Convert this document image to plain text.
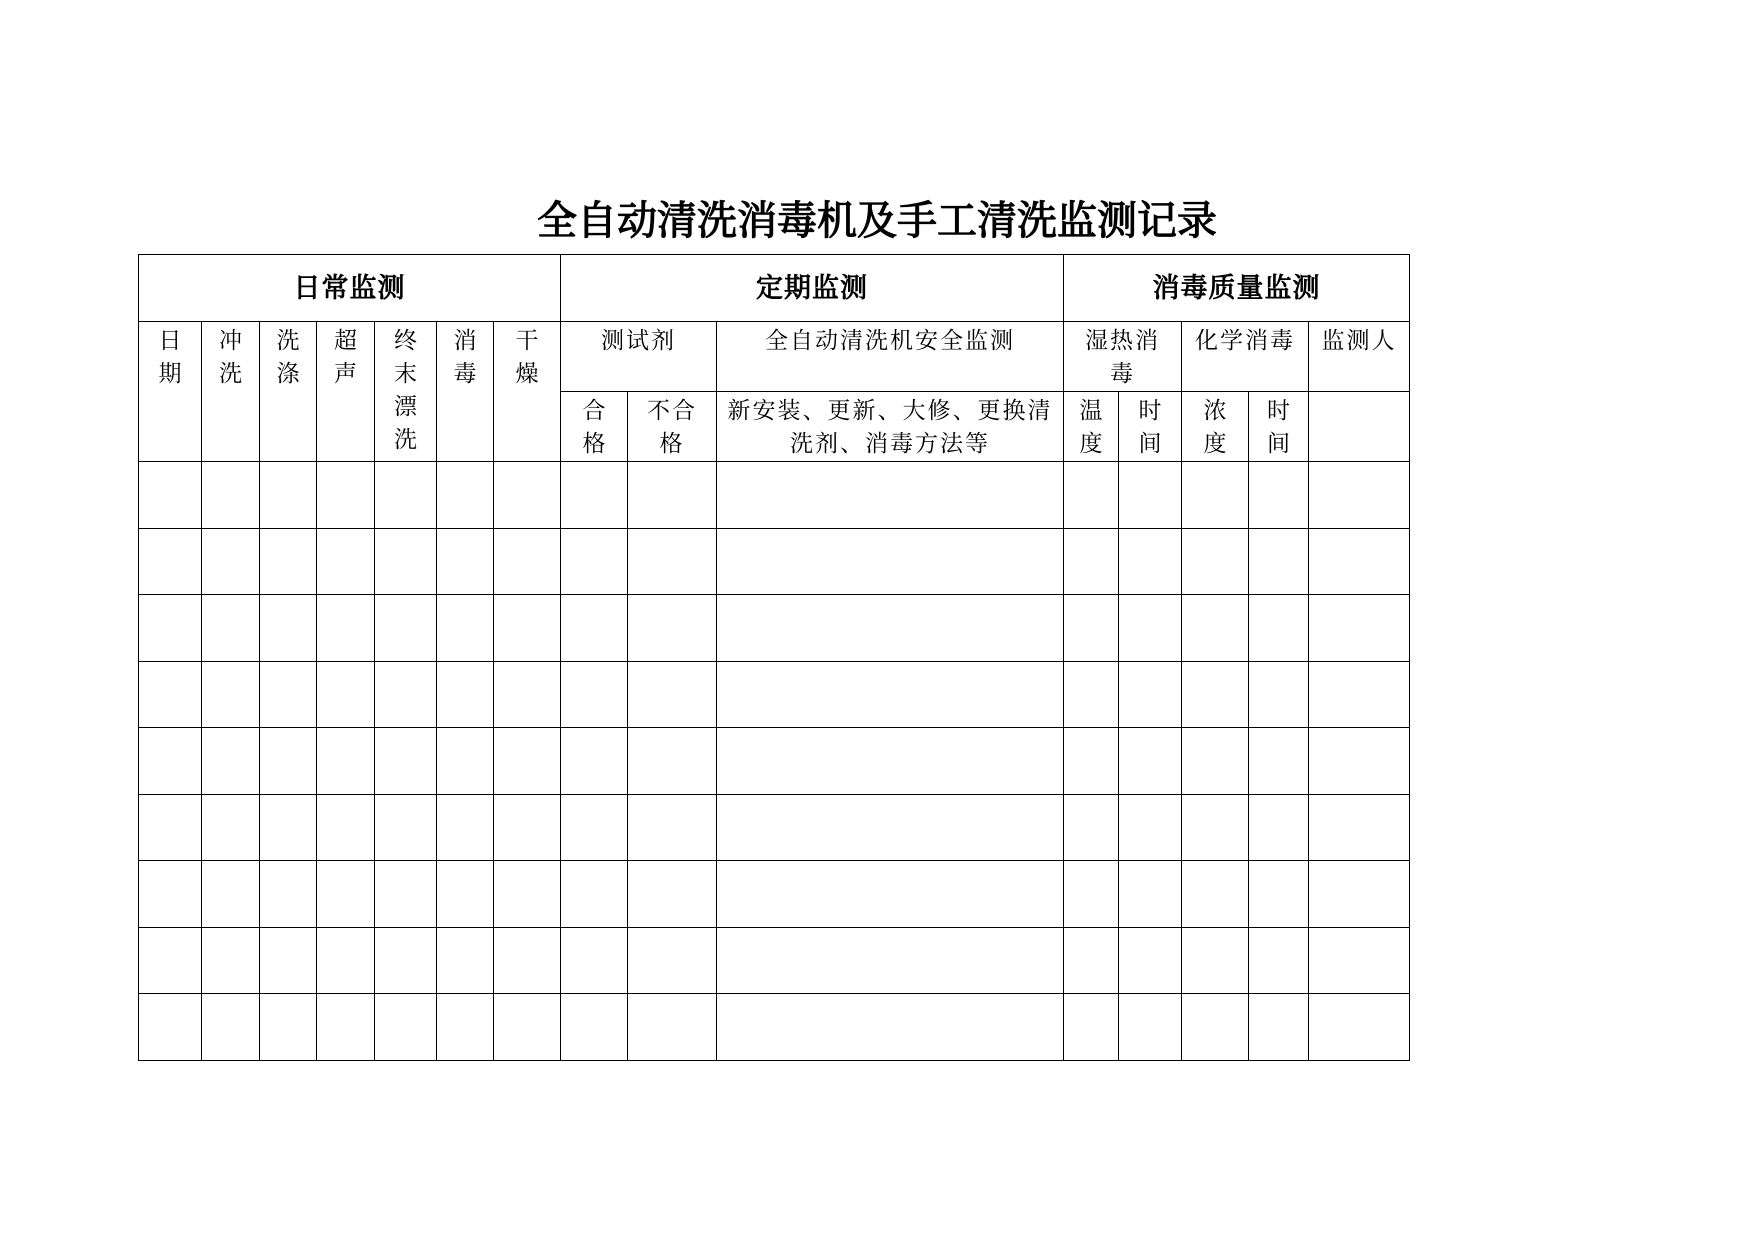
全自动清洗消毒机及手工清洗监测记录
日常监测							定期监测			消毒质量监测				
日期	冲洗	洗涤	超声	终末漂洗	消毒	干燥	测试剂		全自动清洗机安全监测	湿热消毒		化学消毒		监测人
							合格	不合格	新安装、更新、大修、更换清洗剂、消毒方法等	温度	时间	浓度	时间	
